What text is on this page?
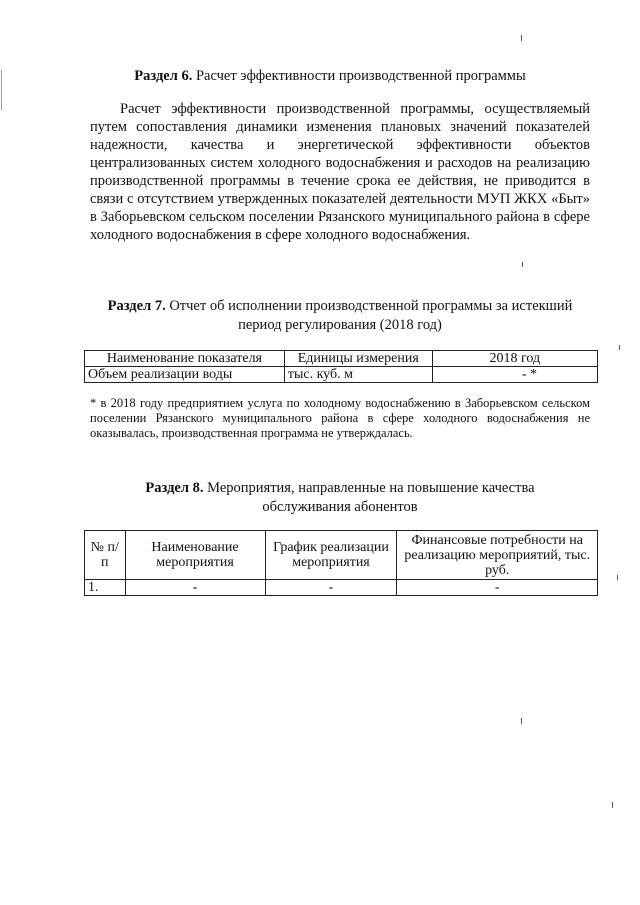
Раздел 6. Расчет эффективности производственной программы
Расчет эффективности производственной программы, осуществляемый путем сопоставления динамики изменения плановых значений показателей надежности, качества и энергетической эффективности объектов централизованных систем холодного водоснабжения и расходов на реализацию производственной программы в течение срока ее действия, не приводится в связи с отсутствием утвержденных показателей деятельности МУП ЖКХ «Быт» в Заборьевском сельском поселении Рязанского муниципального района в сфере холодного водоснабжения в сфере холодного водоснабжения.
Раздел 7. Отчет об исполнении производственной программы за истекший период регулирования (2018 год)
Наименование показателя	Единицы измерения	2018 год
Объем реализации воды	тыс. куб. м	- *
* в 2018 году предприятием услуга по холодному водоснабжению в Заборьевском сельском поселении Рязанского муниципального района в сфере холодного водоснабжения не оказывалась, производственная программа не утверждалась.
Раздел 8. Мероприятия, направленные на повышение качества обслуживания абонентов
№ п/п	Наименование мероприятия	График реализации мероприятия	Финансовые потребности на реализацию мероприятий, тыс. руб.
1.	-	-	-
